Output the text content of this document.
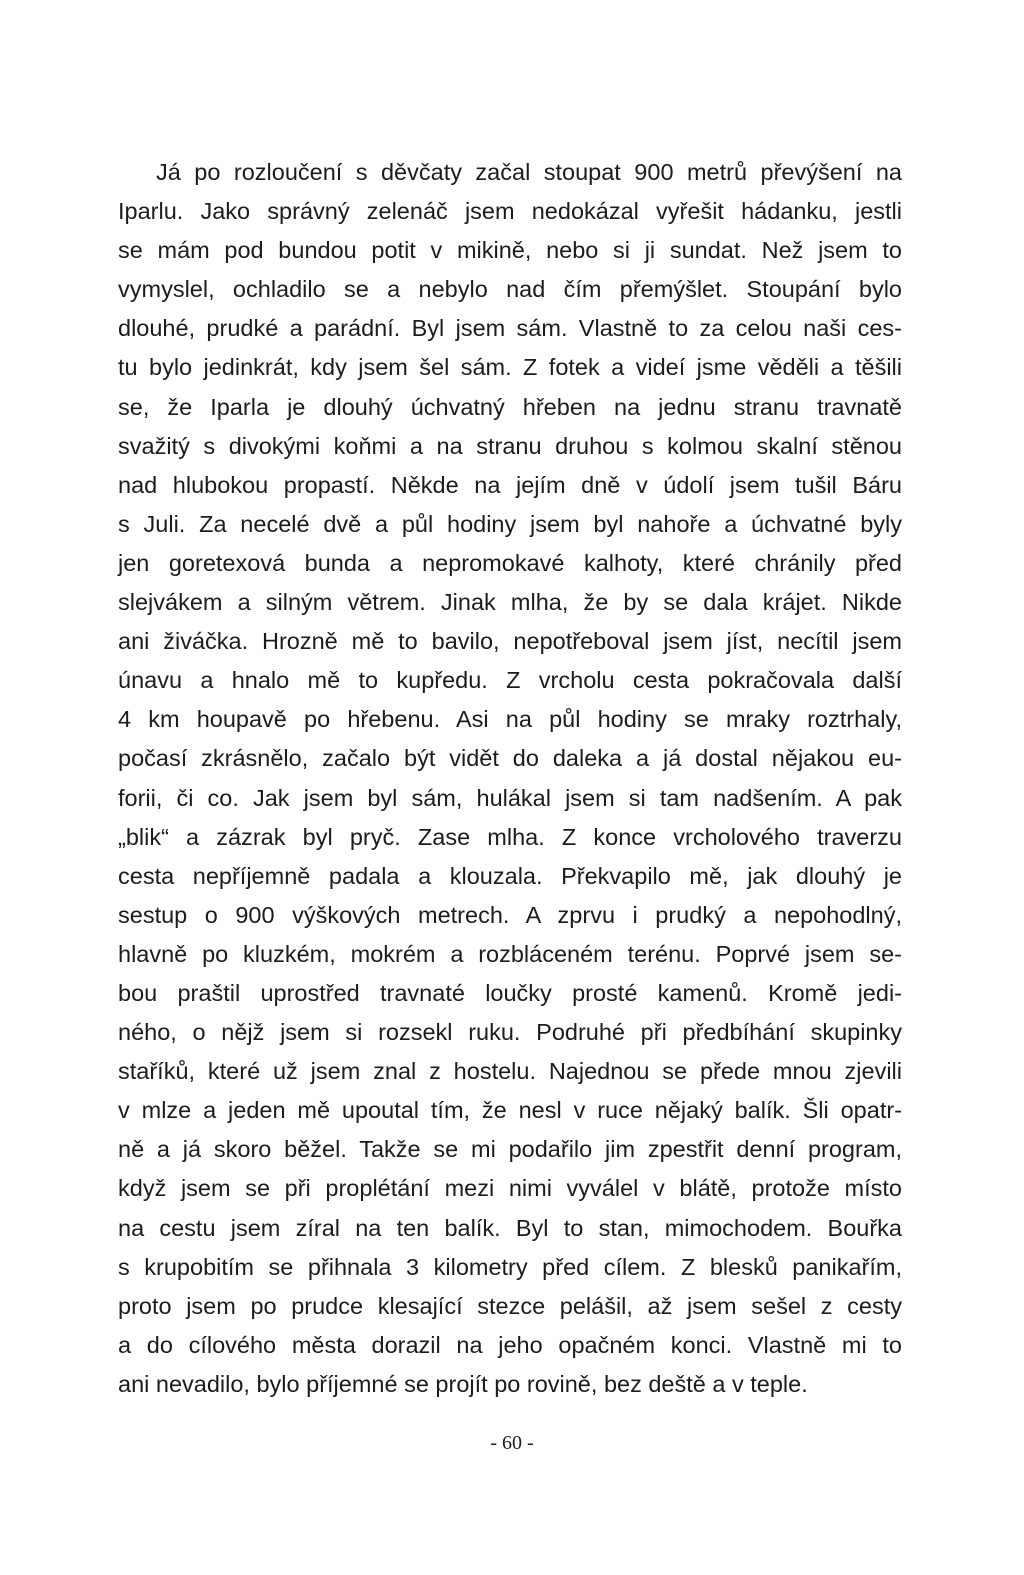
Já po rozloučení s děvčaty začal stoupat 900 metrů převýšení na
Iparlu. Jako správný zelenáč jsem nedokázal vyřešit hádanku, jestli
se mám pod bundou potit v mikině, nebo si ji sundat. Než jsem to
vymyslel, ochladilo se a nebylo nad čím přemýšlet. Stoupání bylo
dlouhé, prudké a parádní. Byl jsem sám. Vlastně to za celou naši ces-
tu bylo jedinkrát, kdy jsem šel sám. Z fotek a videí jsme věděli a těšili
se, že Iparla je dlouhý úchvatný hřeben na jednu stranu travnatě
svažitý s divokými koňmi a na stranu druhou s kolmou skalní stěnou
nad hlubokou propastí. Někde na jejím dně v údolí jsem tušil Báru
s Juli. Za necelé dvě a půl hodiny jsem byl nahoře a úchvatné byly
jen goretexová bunda a nepromokavé kalhoty, které chránily před
slejvákem a silným větrem. Jinak mlha, že by se dala krájet. Nikde
ani živáčka. Hrozně mě to bavilo, nepotřeboval jsem jíst, necítil jsem
únavu a hnalo mě to kupředu. Z vrcholu cesta pokračovala další
4 km houpavě po hřebenu. Asi na půl hodiny se mraky roztrhaly,
počasí zkrásnělo, začalo být vidět do daleka a já dostal nějakou eu-
forii, či co. Jak jsem byl sám, hulákal jsem si tam nadšením. A pak
„blik“ a zázrak byl pryč. Zase mlha. Z konce vrcholového traverzu
cesta nepříjemně padala a klouzala. Překvapilo mě, jak dlouhý je
sestup o 900 výškových metrech. A zprvu i prudký a nepohodlný,
hlavně po kluzkém, mokrém a rozbláceném terénu. Poprvé jsem se-
bou praštil uprostřed travnaté loučky prosté kamenů. Kromě jedi-
ného, o nějž jsem si rozsekl ruku. Podruhé při předbíhání skupinky
staříků, které už jsem znal z hostelu. Najednou se přede mnou zjevili
v mlze a jeden mě upoutal tím, že nesl v ruce nějaký balík. Šli opatr-
ně a já skoro běžel. Takže se mi podařilo jim zpestřit denní program,
když jsem se při proplétání mezi nimi vyválel v blátě, protože místo
na cestu jsem zíral na ten balík. Byl to stan, mimochodem. Bouřka
s krupobitím se přihnala 3 kilometry před cílem. Z blesků panikařím,
proto jsem po prudce klesající stezce pelášil, až jsem sešel z cesty
a do cílového města dorazil na jeho opačném konci. Vlastně mi to
ani nevadilo, bylo příjemné se projít po rovině, bez deště a v teple.
- 60 -
